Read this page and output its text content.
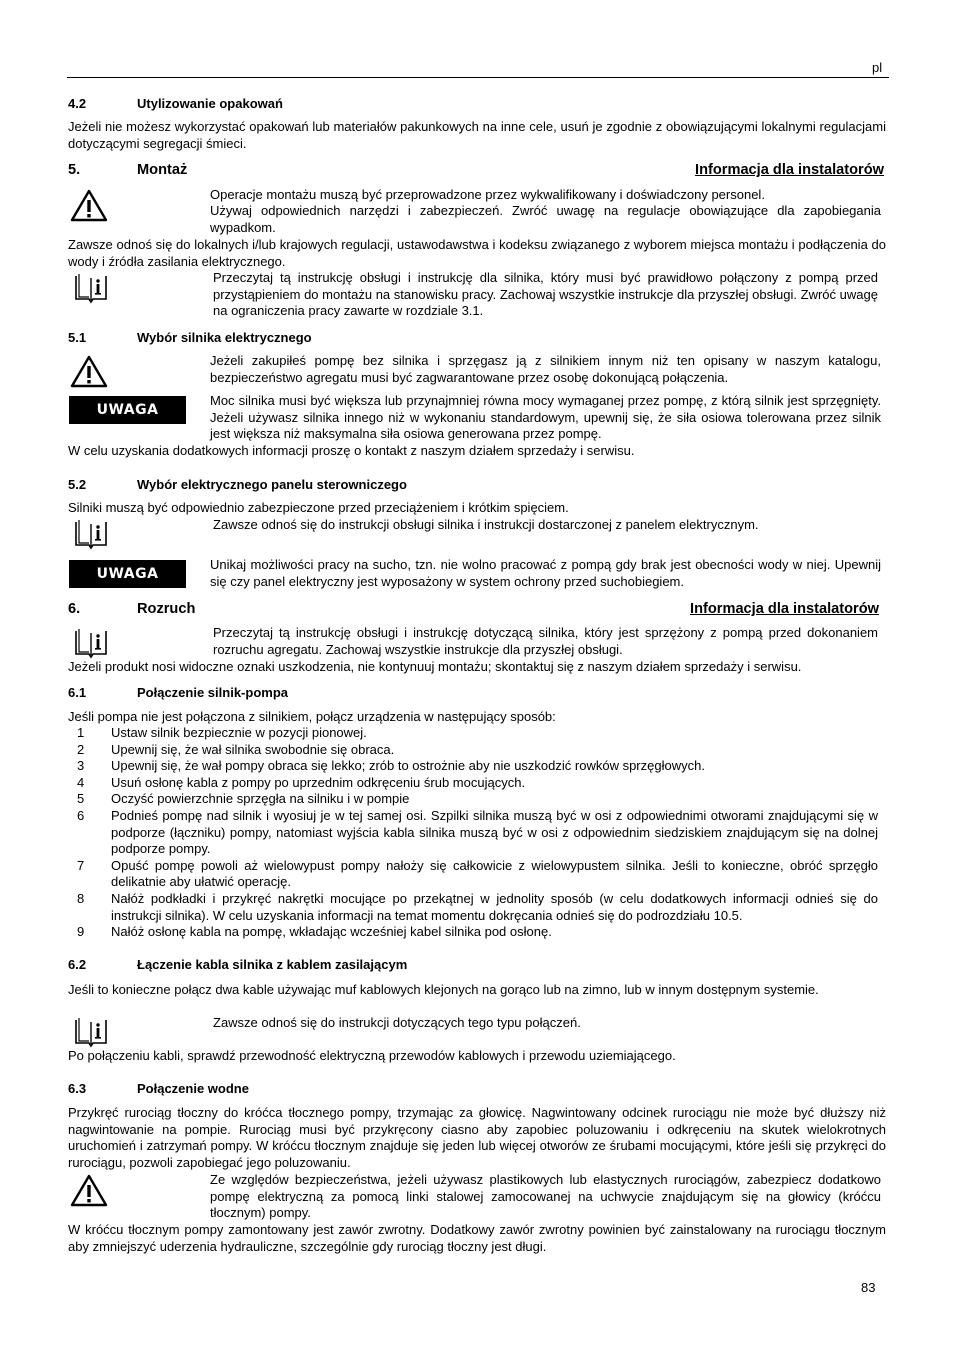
pl
4.2	Utylizowanie opakowań

Jeżeli nie możesz wykorzystać opakowań lub materiałów pakunkowych na inne cele, usuń je zgodnie z obowiązującymi lokalnymi regulacjami dotyczącymi segregacji śmieci.

5.	Montaż	Informacja dla instalatorów

Operacje montażu muszą być przeprowadzone przez wykwalifikowany i doświadczony personel.

Używaj odpowiednich narzędzi i zabezpieczeń. Zwróć uwagę na regulacje obowiązujące dla zapobiegania wypadkom.

Zawsze odnoś się do lokalnych i/lub krajowych regulacji, ustawodawstwa i kodeksu związanego z wyborem miejsca montażu i podłączenia do wody i źródła zasilania elektrycznego.

Przeczytaj tą instrukcję obsługi i instrukcję dla silnika, który musi być prawidłowo połączony z pompą przed przystąpieniem do montażu na stanowisku pracy. Zachowaj wszystkie instrukcje dla przyszłej obsługi. Zwróć uwagę na ograniczenia pracy zawarte w rozdziale 3.1.

5.1	Wybór silnika elektrycznego

Jeżeli zakupiłeś pompę bez silnika i sprzęgasz ją z silnikiem innym niż ten opisany w naszym katalogu, bezpieczeństwo agregatu musi być zagwarantowane przez osobę dokonującą połączenia.

UWAGA

Moc silnika musi być większa lub przynajmniej równa mocy wymaganej przez pompę, z którą silnik jest sprzęgnięty. Jeżeli używasz silnika innego niż w wykonaniu standardowym, upewnij się, że siła osiowa tolerowana przez silnik jest większa niż maksymalna siła osiowa generowana przez pompę.

W celu uzyskania dodatkowych informacji proszę o kontakt z naszym działem sprzedaży i serwisu.

5.2	Wybór elektrycznego panelu sterowniczego

Silniki muszą być odpowiednio zabezpieczone przed przeciążeniem i krótkim spięciem.

Zawsze odnoś się do instrukcji obsługi silnika i instrukcji dostarczonej z panelem elektrycznym.

UWAGA

Unikaj możliwości pracy na sucho, tzn. nie wolno pracować z pompą gdy brak jest obecności wody w niej. Upewnij się czy panel elektryczny jest wyposażony w system ochrony przed suchobiegiem.

6.	Rozruch	Informacja dla instalatorów

Przeczytaj tą instrukcję obsługi i instrukcję dotyczącą silnika, który jest sprzężony z pompą przed dokonaniem rozruchu agregatu. Zachowaj wszystkie instrukcje dla przyszłej obsługi.

Jeżeli produkt nosi widoczne oznaki uszkodzenia, nie kontynuuj montażu; skontaktuj się z naszym działem sprzedaży i serwisu.

6.1	Połączenie silnik-pompa

Jeśli pompa nie jest połączona z silnikiem, połącz urządzenia w następujący sposób:

1 Ustaw silnik bezpiecznie w pozycji pionowej.
2 Upewnij się, że wał silnika swobodnie się obraca.
3 Upewnij się, że wał pompy obraca się lekko; zrób to ostrożnie aby nie uszkodzić rowków sprzęgłowych.
4 Usuń osłonę kabla z pompy po uprzednim odkręceniu śrub mocujących.
5 Oczyść powierzchnie sprzęgła na silniku i w pompie
6 Podnieś pompę nad silnik i wyosiuj je w tej samej osi. Szpilki silnika muszą być w osi z odpowiednimi otworami znajdującymi się w podporze (łączniku) pompy, natomiast wyjścia kabla silnika muszą być w osi z odpowiednim siedziskiem znajdującym się na dolnej podporze pompy.
7 Opuść pompę powoli aż wielowypust pompy nałoży się całkowicie z wielowypustem silnika. Jeśli to konieczne, obróć sprzęgło delikatnie aby ułatwić operację.
8 Nałóż podkładki i przykręć nakrętki mocujące po przekątnej w jednolity sposób (w celu dodatkowych informacji odnieś się do instrukcji silnika). W celu uzyskania informacji na temat momentu dokręcania odnieś się do podrozdziału 10.5.
9 Nałóż osłonę kabla na pompę, wkładając wcześniej kabel silnika pod osłonę.
6.2	Łączenie kabla silnika z kablem zasilającym

Jeśli to konieczne połącz dwa kable używając muf kablowych klejonych na gorąco lub na zimno, lub w innym dostępnym systemie.

Zawsze odnoś się do instrukcji dotyczących tego typu połączeń.

Po połączeniu kabli, sprawdź przewodność elektryczną przewodów kablowych i przewodu uziemiającego.

6.3	Połączenie wodne

Przykręć rurociąg tłoczny do króćca tłocznego pompy, trzymając za głowicę. Nagwintowany odcinek rurociągu nie może być dłuższy niż nagwintowanie na pompie. Rurociąg musi być przykręcony ciasno aby zapobiec poluzowaniu i odkręceniu na skutek wielokrotnych uruchomień i zatrzymań pompy. W króćcu tłocznym znajduje się jeden lub więcej otworów ze śrubami mocującymi, które jeśli się przykręci do rurociągu, pozwoli zapobiegać jego poluzowaniu.

Ze względów bezpieczeństwa, jeżeli używasz plastikowych lub elastycznych rurociągów, zabezpiecz dodatkowo pompę elektryczną za pomocą linki stalowej zamocowanej na uchwycie znajdującym się na głowicy (króćcu tłocznym) pompy.

W króćcu tłocznym pompy zamontowany jest zawór zwrotny. Dodatkowy zawór zwrotny powinien być zainstalowany na rurociągu tłocznym aby zmniejszyć uderzenia hydrauliczne, szczególnie gdy rurociąg tłoczny jest długi.

83
